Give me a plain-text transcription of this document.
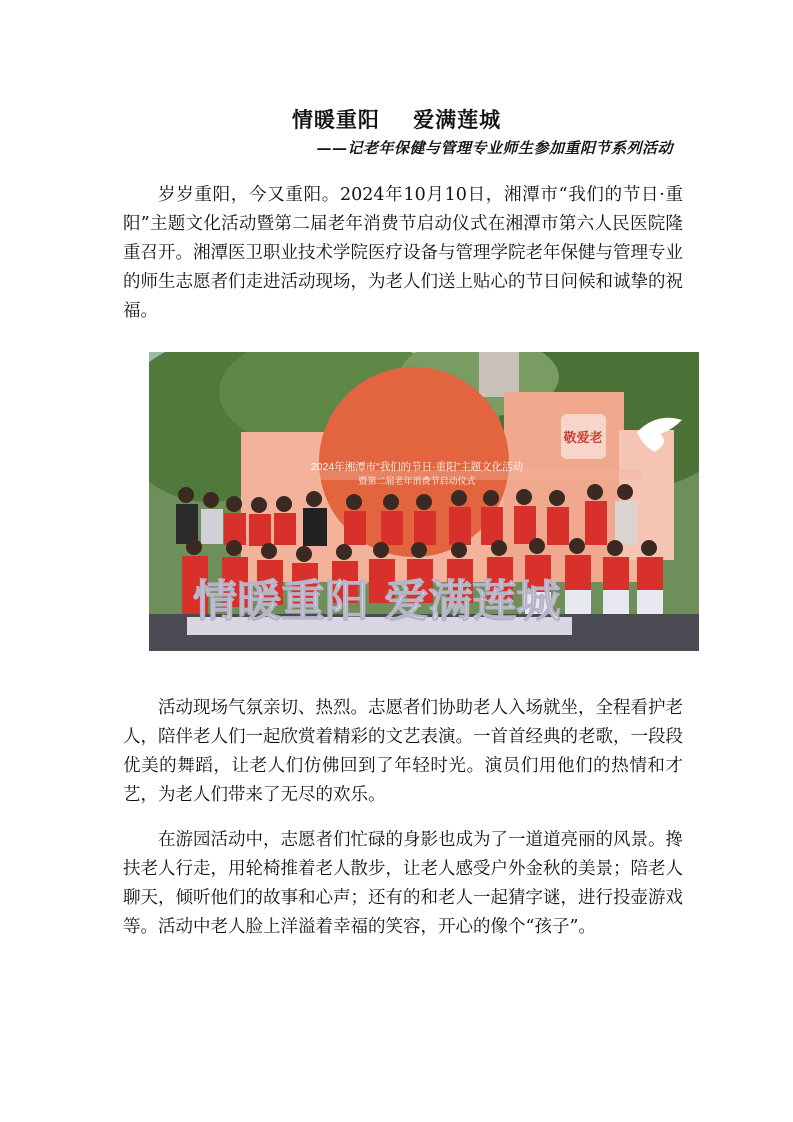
情暖重阳    爱满莲城
——记老年保健与管理专业师生参加重阳节系列活动

岁岁重阳，今又重阳。2024年10月10日，湘潭市“我们的节日·重阳”主题文化活动暨第二届老年消费节启动仪式在湘潭市第六人民医院隆重召开。湘潭医卫职业技术学院医疗设备与管理学院老年保健与管理专业的师生志愿者们走进活动现场，为老人们送上贴心的节日问候和诚挚的祝福。

敬爱老
2024年湘潭市“我们的节日·重阳”主题文化活动
暨第二届老年消费节启动仪式
情暖重阳 爱满莲城

活动现场气氛亲切、热烈。志愿者们协助老人入场就坐，全程看护老人，陪伴老人们一起欣赏着精彩的文艺表演。一首首经典的老歌，一段段优美的舞蹈，让老人们仿佛回到了年轻时光。演员们用他们的热情和才艺，为老人们带来了无尽的欢乐。

在游园活动中，志愿者们忙碌的身影也成为了一道道亮丽的风景。搀扶老人行走，用轮椅推着老人散步，让老人感受户外金秋的美景；陪老人聊天，倾听他们的故事和心声；还有的和老人一起猜字谜，进行投壶游戏等。活动中老人脸上洋溢着幸福的笑容，开心的像个“孩子”。
